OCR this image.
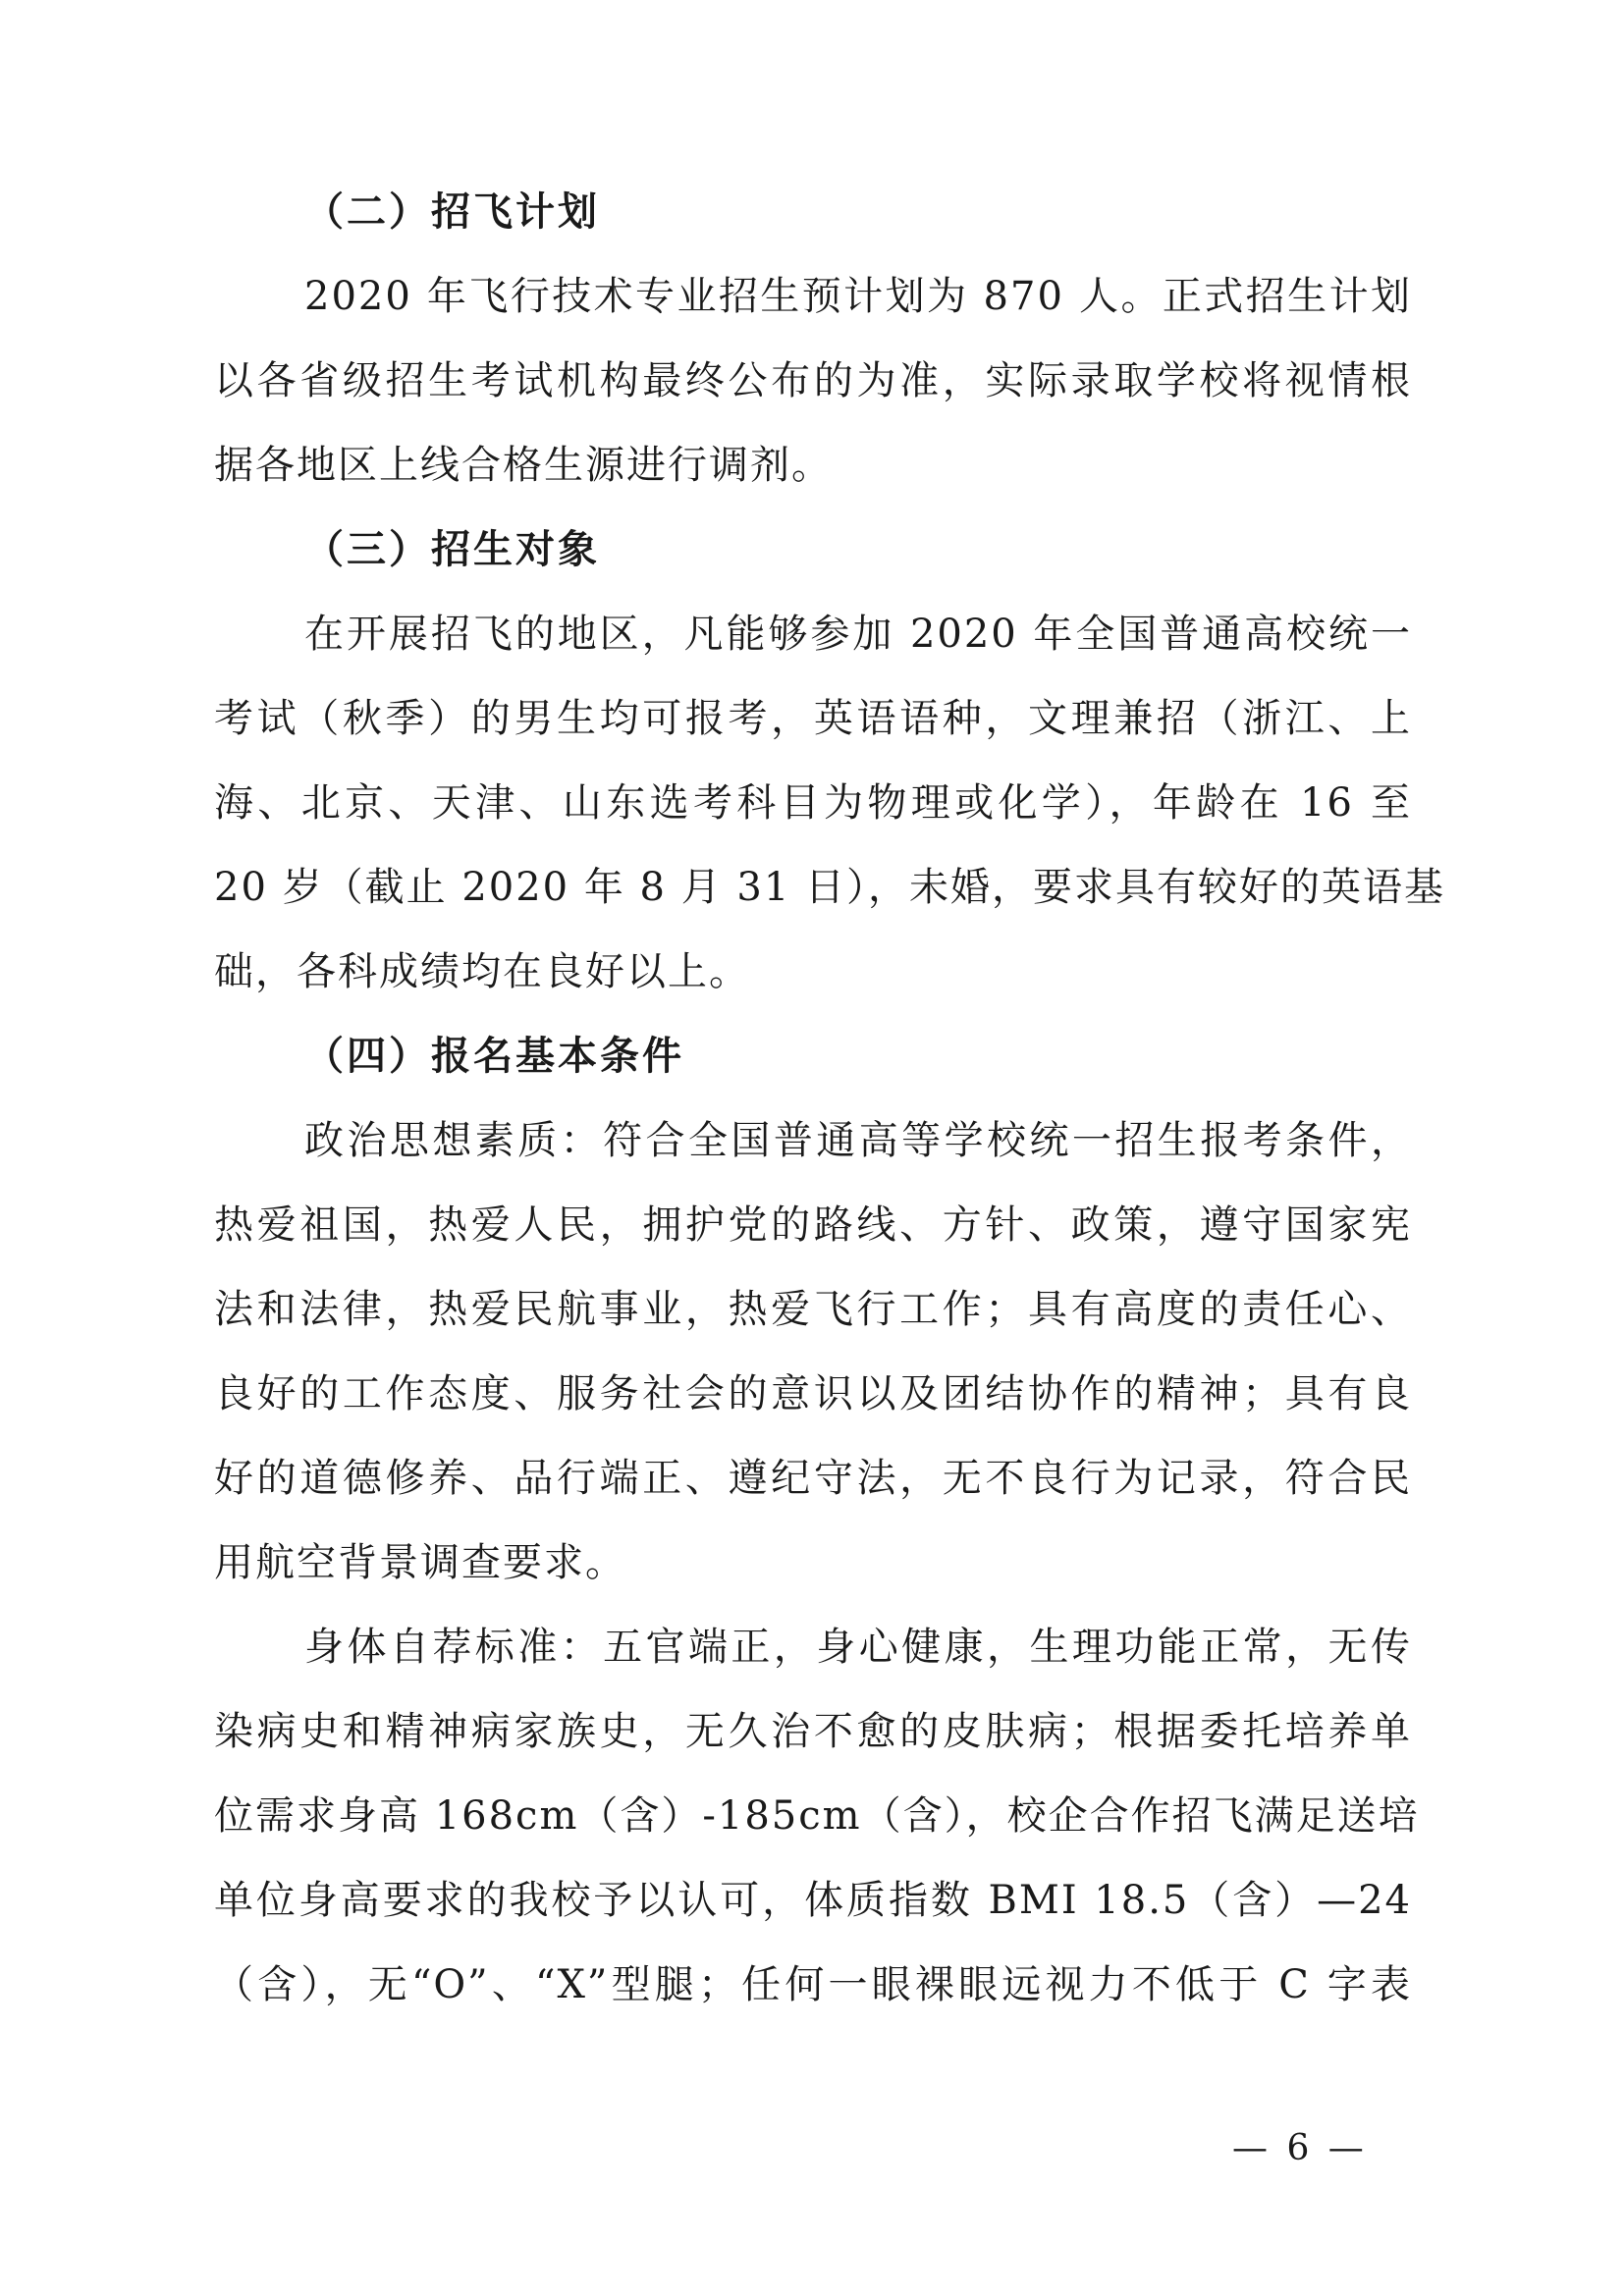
（二）招飞计划
2020 年飞行技术专业招生预计划为 870 人。正式招生计划
以各省级招生考试机构最终公布的为准，实际录取学校将视情根
据各地区上线合格生源进行调剂。
（三）招生对象
在开展招飞的地区，凡能够参加 2020 年全国普通高校统一
考试（秋季）的男生均可报考，英语语种，文理兼招（浙江、上
海、北京、天津、山东选考科目为物理或化学），年龄在 16 至
20 岁（截止 2020 年 8 月 31 日），未婚，要求具有较好的英语基
础，各科成绩均在良好以上。
（四）报名基本条件
政治思想素质：符合全国普通高等学校统一招生报考条件，
热爱祖国，热爱人民，拥护党的路线、方针、政策，遵守国家宪
法和法律，热爱民航事业，热爱飞行工作；具有高度的责任心、
良好的工作态度、服务社会的意识以及团结协作的精神；具有良
好的道德修养、品行端正、遵纪守法，无不良行为记录，符合民
用航空背景调查要求。
身体自荐标准：五官端正，身心健康，生理功能正常，无传
染病史和精神病家族史，无久治不愈的皮肤病；根据委托培养单
位需求身高 168cm（含）-185cm（含），校企合作招飞满足送培
单位身高要求的我校予以认可，体质指数 BMI 18.5（含）—24
（含），无“O”、“X”型腿；任何一眼裸眼远视力不低于 C 字表
— 6 —
